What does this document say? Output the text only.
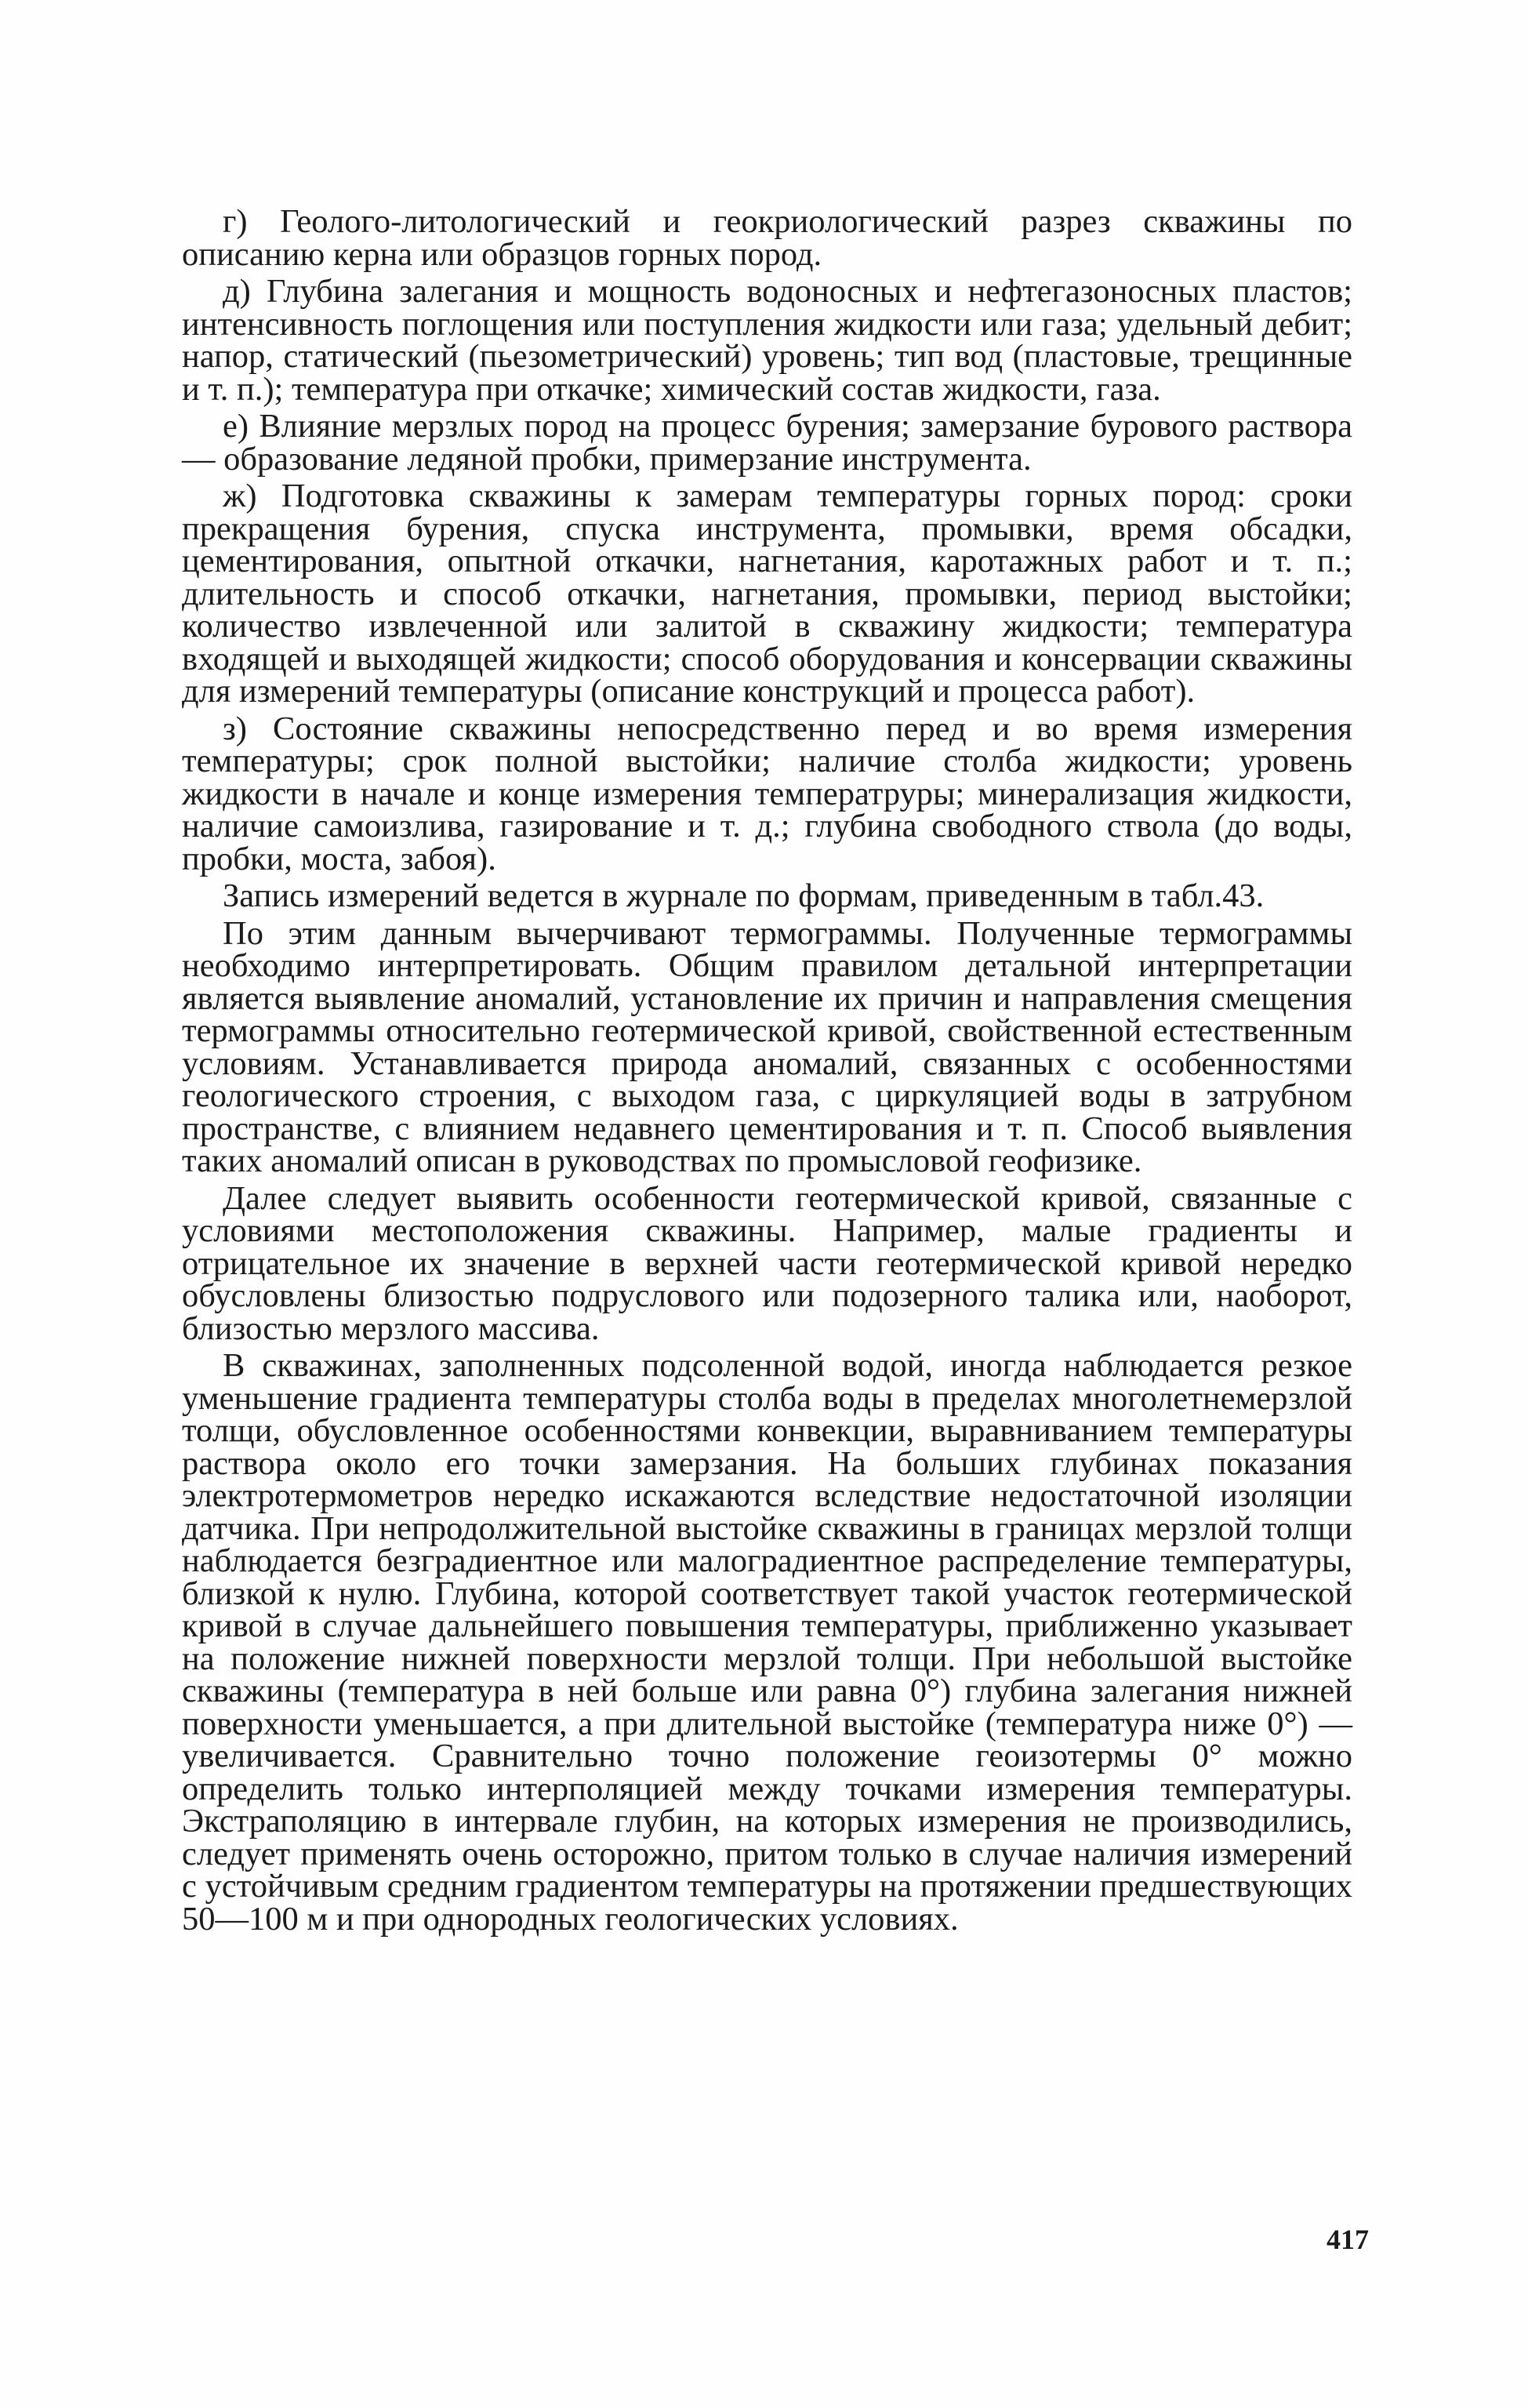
г) Геолого-литологический и геокриологический разрез скважины по описанию керна или образцов горных пород.

д) Глубина залегания и мощность водоносных и нефтегазоносных пластов; интенсивность поглощения или поступления жидкости или газа; удельный дебит; напор, статический (пьезометрический) уровень; тип вод (пластовые, трещинные и т. п.); температура при откачке; химический состав жидкости, газа.

е) Влияние мерзлых пород на процесс бурения; замерзание бурового раствора — образование ледяной пробки, примерзание инструмента.

ж) Подготовка скважины к замерам температуры горных пород: сроки прекращения бурения, спуска инструмента, промывки, время обсадки, цементирования, опытной откачки, нагнетания, каротажных работ и т. п.; длительность и способ откачки, нагнетания, промывки, период выстойки; количество извлеченной или залитой в скважину жидкости; температура входящей и выходящей жидкости; способ оборудования и консервации скважины для измерений температуры (описание конструкций и процесса работ).

з) Состояние скважины непосредственно перед и во время измерения температуры; срок полной выстойки; наличие столба жидкости; уровень жидкости в начале и конце измерения темпepатруры; минерализация жидкости, наличие самоизлива, газирование и т. д.; глубина свободного ствола (до воды, пробки, моста, забоя).

Запись измерений ведется в журнале по формам, приведенным в табл.43.

По этим данным вычерчивают термограммы. Полученные термограммы необходимо интерпретировать. Общим правилом детальной интерпретации является выявление аномалий, установление их причин и направления смещения термограммы относительно геотермической кривой, свойственной естественным условиям. Устанавливается природа аномалий, связанных с особенностями геологического строения, с выходом газа, с циркуляцией воды в затрубном пространстве, с влиянием недавнего цементирования и т. п. Способ выявления таких аномалий описан в руководствах по промысловой геофизике.

Далее следует выявить особенности геотермической кривой, связанные с условиями местоположения скважины. Например, малые градиенты и отрицательное их значение в верхней части геотермической кривой нередко обусловлены близостью подруслового или подозерного талика или, наоборот, близостью мерзлого массива.

В скважинах, заполненных подсоленной водой, иногда наблюдается резкое уменьшение градиента температуры столба воды в пределах многолетнемерзлой толщи, обусловленное особенностями конвекции, выравниванием температуры раствора около его точки замерзания. На больших глубинах показания электротермометров нередко искажаются вследствие недостаточной изоляции датчика. При непродолжительной выстойке скважины в границах мерзлой толщи наблюдается безградиентное или малоградиентное распределение температуры, близкой к нулю. Глубина, которой соответствует такой участок геотермической кривой в случае дальнейшего повышения температуры, приближенно указывает на положение нижней поверхности мерзлой толщи. При небольшой выстойке скважины (температура в ней больше или равна 0°) глубина залегания нижней поверхности уменьшается, а при длительной выстойке (температура ниже 0°) — увеличивается. Сравнительно точно положение геоизотермы 0° можно определить только интерполяцией между точками измерения температуры. Экстраполяцию в интервале глубин, на которых измерения не производились, следует применять очень осторожно, притом только в случае наличия измерений с устойчивым средним градиентом температуры на протяжении предшествующих 50—100 м и при однородных геологических условиях.

417
